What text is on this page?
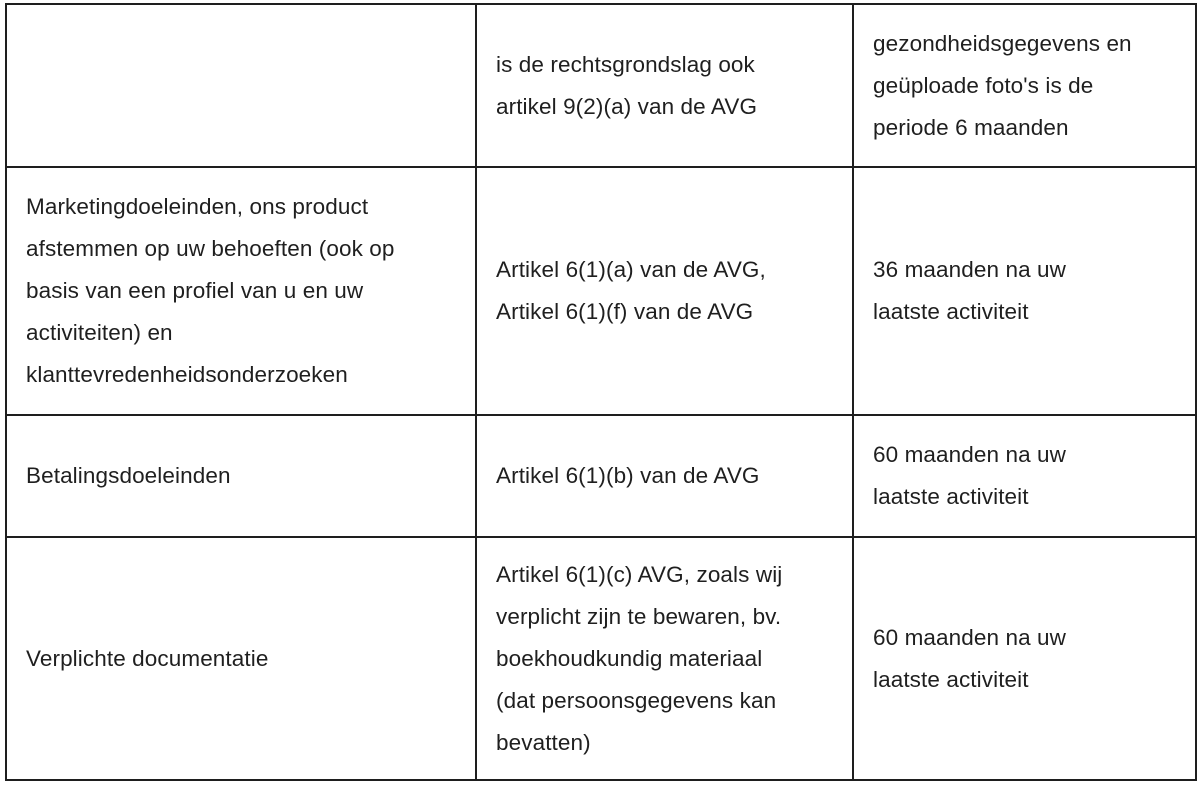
	is de rechtsgrondslag ook
artikel 9(2)(a) van de AVG	gezondheidsgegevens en
geüploade foto's is de
periode 6 maanden

Marketingdoeleinden, ons product
afstemmen op uw behoeften (ook op
basis van een profiel van u en uw
activiteiten) en
klanttevredenheidsonderzoeken	Artikel 6(1)(a) van de AVG,
Artikel 6(1)(f) van de AVG	36 maanden na uw
laatste activiteit

Betalingsdoeleinden	Artikel 6(1)(b) van de AVG	60 maanden na uw
laatste activiteit

Verplichte documentatie	Artikel 6(1)(c) AVG, zoals wij
verplicht zijn te bewaren, bv.
boekhoudkundig materiaal
(dat persoonsgegevens kan
bevatten)	60 maanden na uw
laatste activiteit
